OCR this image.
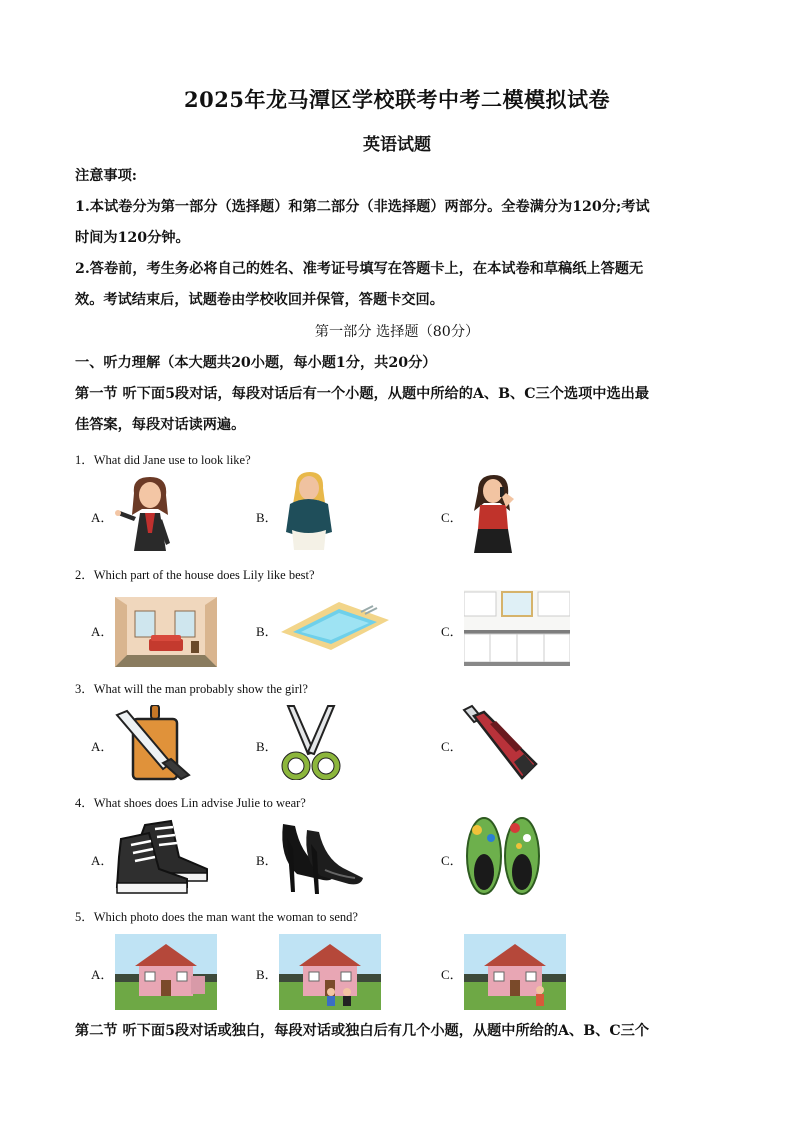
2025年龙马潭区学校联考中考二模模拟试卷
英语试题
注意事项:
1.本试卷分为第一部分（选择题）和第二部分（非选择题）两部分。全卷满分为120分;考试
时间为120分钟。
2.答卷前，考生务必将自己的姓名、准考证号填写在答题卡上，在本试卷和草稿纸上答题无
效。考试结束后，试题卷由学校收回并保管，答题卡交回。
第一部分 选择题（80分）
一、听力理解（本大题共20小题，每小题1分，共20分）
第一节 听下面5段对话，每段对话后有一个小题，从题中所给的A、B、C三个选项中选出最
佳答案，每段对话读两遍。
1．What did Jane use to look like?
A．	B．	C．
2．Which part of the house does Lily like best?
A．	B．	C．
3．What will the man probably show the girl?
A．	B．	C．
4．What shoes does Lin advise Julie to wear?
A．	B．	C．
5．Which photo does the man want the woman to send?
A．	B．	C．
第二节 听下面5段对话或独白，每段对话或独白后有几个小题，从题中所给的A、B、C三个
